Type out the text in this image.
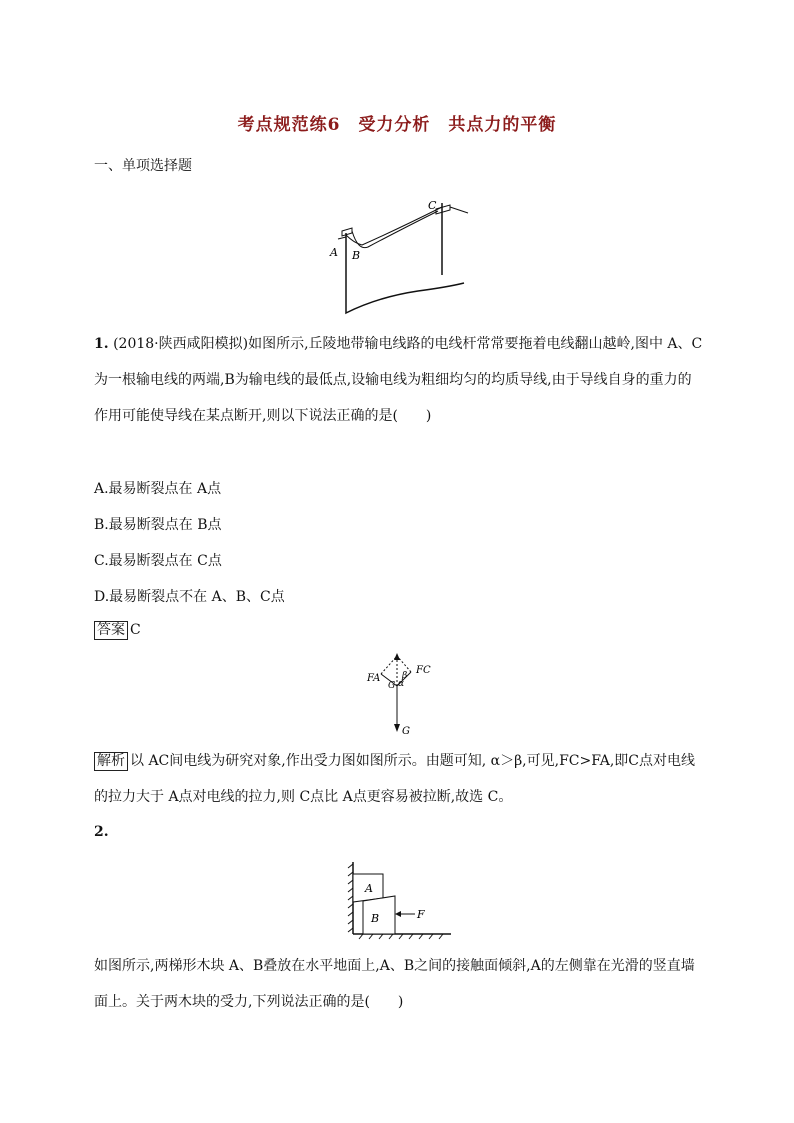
考点规范练6　受力分析　共点力的平衡
一、单项选择题
A B
C
1. (2018·陕西咸阳模拟)如图所示,丘陵地带输电线路的电线杆常常要拖着电线翻山越岭,图中 A、C为一根输电线的两端,B为输电线的最低点,设输电线为粗细均匀的均质导线,由于导线自身的重力的作用可能使导线在某点断开,则以下说法正确的是(　　)
A.最易断裂点在 A点
B.最易断裂点在 B点
C.最易断裂点在 C点
D.最易断裂点不在 A、B、C点
答案 C
FA
FC
G α
β
G
解析 以 AC间电线为研究对象,作出受力图如图所示。由题可知, α＞β,可见,FC>FA,即C点对电线的拉力大于 A点对电线的拉力,则 C点比 A点更容易被拉断,故选 C。
2.
A
B	F
如图所示,两梯形木块 A、B叠放在水平地面上,A、B之间的接触面倾斜,A的左侧靠在光滑的竖直墙面上。关于两木块的受力,下列说法正确的是(　　)
